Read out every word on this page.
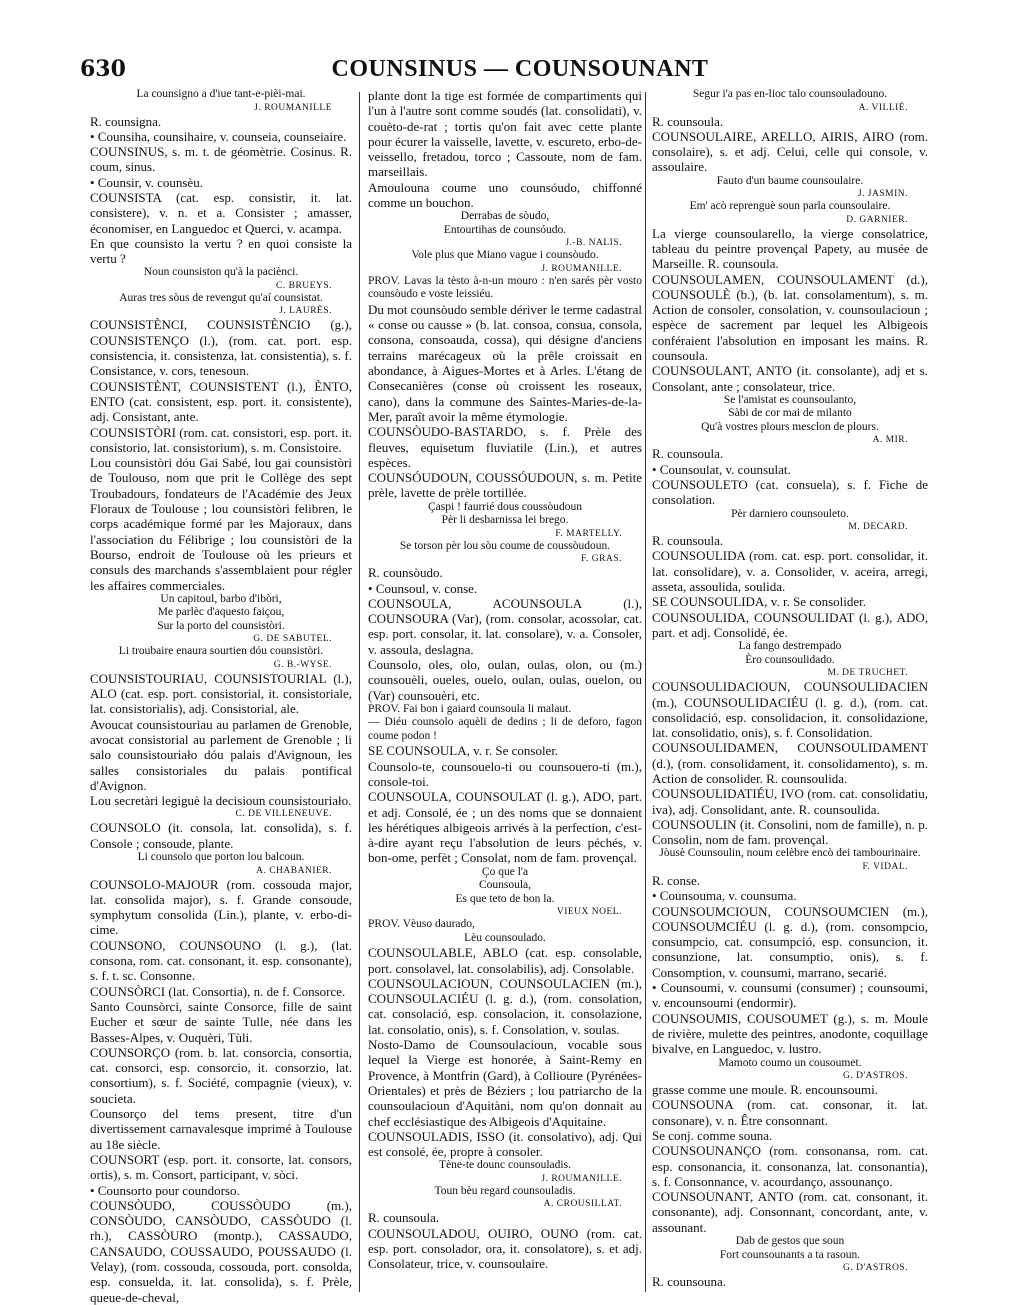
630	COUNSINUS — COUNSOUNANT

La counsigno a d'iue tant-e-pièi-mai.

J. ROUMANILLE

R. counsigna.

• Counsiha, counsihaire, v. counseia, counseiaire.

COUNSINUS, s. m. t. de géomètrie. Cosinus. R. coum, sinus.

• Counsir, v. counsèu.

COUNSISTA (cat. esp. consistir, it. lat. consistere), v. n. et a. Consister ; amasser, économiser, en Languedoc et Querci, v. acampa.

En que counsisto la vertu ? en quoi consiste la vertu ?

Noun counsiston qu'à la paciènci.

C. BRUEYS.

Auras tres sòus de revengut qu'aí counsistat.

J. LAURÈS.

COUNSISTÈNCI, COUNSISTÈNCIO (g.), COUNSISTENÇO (l.), (rom. cat. port. esp. consistencia, it. consistenza, lat. consistentia), s. f. Consistance, v. cors, tenesoun.

COUNSISTÈNT, COUNSISTENT (l.), ÈNTO, ENTO (cat. consistent, esp. port. it. consistente), adj. Consistant, ante.

COUNSISTÒRI (rom. cat. consistori, esp. port. it. consistorio, lat. consistorium), s. m. Consistoire.

Lou counsistòri dóu Gai Sabé, lou gai counsistòri de Toulouso, nom que prit le Collège des sept Troubadours, fondateurs de l'Académie des Jeux Floraux de Toulouse ; lou counsistòri felibren, le corps académique formé par les Majoraux, dans l'association du Félibrige ; lou counsistòri de la Bourso, endroit de Toulouse où les prieurs et consuls des marchands s'assemblaient pour régler les affaires commerciales.

Un capitoul, barbo d'ibòri,

Me parlèc d'aquesto faiçou,

Sur la porto del counsistòri.

G. DE SABUTEL.

Li troubaire enaura sourtien dóu counsistòri.

G. B.-WYSE.

COUNSISTOURIAU, COUNSISTOURIAL (l.), ALO (cat. esp. port. consistorial, it. consistoriale, lat. consistorialis), adj. Consistorial, ale.

Avoucat counsistouriau au parlamen de Grenoble, avocat consistorial au parlement de Grenoble ; li salo counsistouriało dóu palais d'Avignoun, les salles consistoriales du palais pontifical d'Avignon.

Lou secretàri legiguè la decisioun counsistouriało.

C. DE VILLENEUVE.

COUNSOLO (it. consola, lat. consolida), s. f. Console ; consoude, plante.

Li counsolo que porton lou balcoun.

A. CHABANIER.

COUNSOLO-MAJOUR (rom. cossouda major, lat. consolida major), s. f. Grande consoude, symphytum consolida (Lin.), plante, v. erbo-di-cime.

COUNSONO, COUNSOUNO (l. g.), (lat. consona, rom. cat. consonant, it. esp. consonante), s. f. t. sc. Consonne.

COUNSÒRCI (lat. Consortia), n. de f. Consorce.

Santo Counsòrci, sainte Consorce, fille de saint Eucher et sœur de sainte Tulle, née dans les Basses-Alpes, v. Ouquèri, Tùli.

COUNSORÇO (rom. b. lat. consorcia, consortia, cat. consorci, esp. consorcio, it. consorzio, lat. consortium), s. f. Société, compagnie (vieux), v. soucieta.

Counsorço del tems present, titre d'un divertissement carnavalesque imprimé à Toulouse au 18e siècle.

COUNSORT (esp. port. it. consorte, lat. consors, ortis), s. m. Consort, participant, v. sòci.

• Counsorto pour coundorso.

COUNSÒUDO, COUSSÒUDO (m.), CONSÒUDO, CANSÒUDO, CASSÒUDO (l. rh.), CASSÒURO (montp.), CASSAUDO, CANSAUDO, COUSSAUDO, POUSSAUDO (l. Velay), (rom. cossouda, cossouda, port. consolda, esp. consuelda, it. lat. consolida), s. f. Prèle, queue-de-cheval,

plante dont la tige est formée de compartiments qui l'un à l'autre sont comme soudés (lat. consolidati), v. couèto-de-rat ; tortis qu'on fait avec cette plante pour écurer la vaisselle, lavette, v. escureto, erbo-de-veissello, fretadou, torco ; Cassoute, nom de fam. marseillais.

Amoulouna coume uno counsóudo, chiffonné comme un bouchon.

Derrabas de sòudo,

Entourtihas de counsóudo.

J.-B. NALIS.

Vole plus que Miano vague i counsòudo.

J. ROUMANILLE.

PROV. Lavas la tèsto à-n-un mouro : n'en sarés pèr vosto counsòudo e voste leissiéu.

Du mot counsòudo semble dériver le terme cadastral « conse ou causse » (b. lat. consoa, consua, consola, consona, consoauda, cossa), qui désigne d'anciens terrains marécageux où la prêle croissait en abondance, à Aigues-Mortes et à Arles. L'étang de Consecanières (conse où croissent les roseaux, cano), dans la commune des Saintes-Maries-de-la-Mer, paraît avoir la même étymologie.

COUNSÒUDO-BASTARDO, s. f. Prèle des fleuves, equisetum fluviatile (Lin.), et autres espèces.

COUNSÓUDOUN, COUSSÓUDOUN, s. m. Petite prèle, lavette de prèle tortillée.

Çaspi ! faurrié dous coussòudoun

Pèr li desbarnissa lei brego.

F. MARTELLY.

Se torson pèr lou sòu coume de coussòudoun.

F. GRAS.

R. counsòudo.

• Counsoul, v. conse.

COUNSOULA, ACOUNSOULA (l.), COUNSOURA (Var), (rom. consolar, acossolar, cat. esp. port. consolar, it. lat. consolare), v. a. Consoler, v. assoula, deslagna.

Counsolo, oles, olo, oulan, oulas, olon, ou (m.) counsouèli, oueles, ouelo, oulan, oulas, ouelon, ou (Var) counsouèri, etc.

PROV. Fai bon i gaiard counsoula li malaut.

— Diéu counsolo aquèli de dedins ; li de deforo, fagon coume podon !

SE COUNSOULA, v. r. Se consoler.

Counsolo-te, counsouelo-ti ou counsouero-ti (m.), console-toi.

COUNSOULA, COUNSOULAT (l. g.), ADO, part. et adj. Consolé, ée ; un des noms que se donnaient les hérétiques albigeois arrivés à la perfection, c'est-à-dire ayant reçu l'absolution de leurs péchés, v. bon-ome, perfèt ; Consolat, nom de fam. provençal.

Ço que l'a

Counsoula,

Es que teto de bon la.

VIEUX NOEL.

PROV. Vèuso daurado,

Lèu counsoulado.

COUNSOULABLE, ABLO (cat. esp. consolable, port. consolavel, lat. consolabilis), adj. Consolable.

COUNSOULACIOUN, COUNSOULACIEN (m.), COUNSOULACIÉU (l. g. d.), (rom. consolation, cat. consolació, esp. consolacion, it. consolazione, lat. consolatio, onis), s. f. Consolation, v. soulas.

Nosto-Damo de Counsoulacioun, vocable sous lequel la Vierge est honorée, à Saint-Remy en Provence, à Montfrin (Gard), à Collioure (Pyrénées-Orientales) et près de Béziers ; lou patriarcho de la counsoulacioun d'Aquitàni, nom qu'on donnait au chef ecclésiastique des Albigeois d'Aquitaine.

COUNSOULADIS, ISSO (it. consolativo), adj. Qui est consolé, ée, propre à consoler.

Tène-te dounc counsouladis.

J. ROUMANILLE.

Toun bèu regard counsouladis.

A. CROUSILLAT.

R. counsoula.

COUNSOULADOU, OUIRO, OUNO (rom. cat. esp. port. consolador, ora, it. consolatore), s. et adj. Consolateur, trice, v. counsoulaire.

Segur i'a pas en-lioc talo counsouladouno.

A. VILLIÉ.

R. counsoula.

COUNSOULAIRE, ARELLO, AIRIS, AIRO (rom. consolaire), s. et adj. Celui, celle qui console, v. assoulaire.

Fauto d'un baume counsoulaire.

J. JASMIN.

Em' acò reprenguè soun parla counsoulaire.

D. GARNIER.

La vierge counsoularello, la vierge consolatrice, tableau du peintre provençal Papety, au musée de Marseille. R. counsoula.

COUNSOULAMEN, COUNSOULAMENT (d.), COUNSOULÈ (b.), (b. lat. consolamentum), s. m. Action de consoler, consolation, v. counsoulacioun ; espèce de sacrement par lequel les Albigeois conféraient l'absolution en imposant les mains. R. counsoula.

COUNSOULANT, ANTO (it. consolante), adj et s. Consolant, ante ; consolateur, trice.

Se l'amistat es counsoulanto,

Sàbi de cor mai de milanto

Qu'à vostres plours mesclon de plours.

A. MIR.

R. counsoula.

• Counsoulat, v. counsulat.

COUNSOULETO (cat. consuela), s. f. Fiche de consolation.

Pèr darniero counsouleto.

M. DECARD.

R. counsoula.

COUNSOULIDA (rom. cat. esp. port. consolidar, it. lat. consolidare), v. a. Consolider, v. aceira, arregi, asseta, assoulida, soulida.

SE COUNSOULIDA, v. r. Se consolider.

COUNSOULIDA, COUNSOULIDAT (l. g.), ADO, part. et adj. Consolidé, ée.

La fango destrempado

Èro counsoulidado.

M. DE TRUCHET.

COUNSOULIDACIOUN, COUNSOULIDACIEN (m.), COUNSOULIDACIÉU (l. g. d.), (rom. cat. consolidació, esp. consolidacion, it. consolidazione, lat. consolidatio, onis), s. f. Consolidation.

COUNSOULIDAMEN, COUNSOULIDAMENT (d.), (rom. consolidament, it. consolidamento), s. m. Action de consolider. R. counsoulida.

COUNSOULIDATIÉU, IVO (rom. cat. consolidatiu, iva), adj. Consolidant, ante. R. counsoulida.

COUNSOULIN (it. Consolini, nom de famille), n. p. Consolin, nom de fam. provençal.

Jòusè Counsoulin, noum celèbre encò dei tambourinaire.

F. VIDAL.

R. conse.

• Counsouma, v. counsuma.

COUNSOUMCIOUN, COUNSOUMCIEN (m.), COUNSOUMCIÉU (l. g. d.), (rom. consompcio, consumpcio, cat. consumpció, esp. consuncion, it. consunzione, lat. consumptio, onis), s. f. Consomption, v. counsumi, marrano, secarié.

• Counsoumi, v. counsumi (consumer) ; counsoumi, v. encounsoumi (endormir).

COUNSOUMIS, COUSOUMET (g.), s. m. Moule de rivière, mulette des peintres, anodonte, coquillage bivalve, en Languedoc, v. lustro.

Mamoto coumo un cousoumet.

G. D'ASTROS.

grasse comme une moule. R. encounsoumi.

COUNSOUNA (rom. cat. consonar, it. lat. consonare), v. n. Être consonnant.

Se conj. comme souna.

COUNSOUNANÇO (rom. consonansa, rom. cat. esp. consonancia, it. consonanza, lat. consonantia), s. f. Consonnance, v. acourdanço, assounanço.

COUNSOUNANT, ANTO (rom. cat. consonant, it. consonante), adj. Consonnant, concordant, ante, v. assounant.

Dab de gestos que soun

Fort counsounants a ta rasoun.

G. D'ASTROS.

R. counsouna.
